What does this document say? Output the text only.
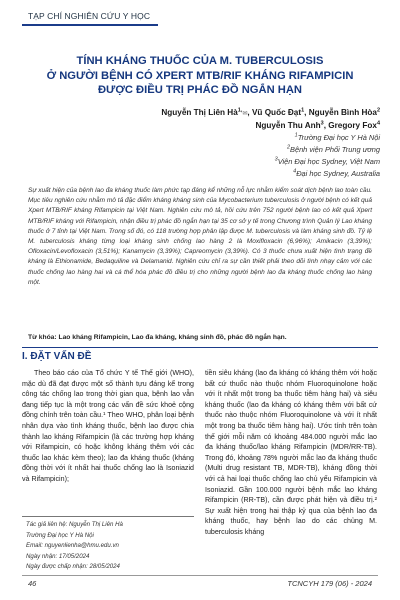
TẠP CHÍ NGHIÊN CỨU Y HỌC
TÍNH KHÁNG THUỐC CỦA M. TUBERCULOSIS
Ở NGƯỜI BỆNH CÓ XPERT MTB/RIF KHÁNG RIFAMPICIN
ĐƯỢC ĐIỀU TRỊ PHÁC ĐỒ NGẮN HẠN
Nguyễn Thị Liên $Hà^{1,}✉$, Vũ Quốc Đạt$^1$, Nguyễn Bình Hòa$^2$
Nguyễn Thu Anh$^3$, Gregory Fox$^4$
$^1$Trường Đại học Y Hà Nội
$^2$Bệnh viện Phổi Trung ương
$^3$Viện Đại học Sydney, Việt Nam
$^4$Đại học Sydney, Australia

Sự xuất hiện của bệnh lao đa kháng thuốc làm phức tạp đáng kể những nỗ lực nhằm kiểm soát dịch bệnh lao toàn cầu. Mục tiêu nghiên cứu nhằm mô tả đặc điểm kháng kháng sinh của Mycobacterium tuberculosis ở người bệnh có kết quả Xpert MTB/RIF kháng Rifampicin tại Việt Nam. Nghiên cứu mô tả, hồi cứu trên 752 người bệnh lao có kết quả Xpert MTB/RIF kháng với Rifampicin, nhận điều trị phác đồ ngắn hạn tại 35 cơ sở y tế trong Chương trình Quản lý Lao kháng thuốc ở 7 tỉnh tại Việt Nam. Trong số đó, có 118 trường hợp phân lập được M. tuberculosis và làm kháng sinh đồ. Tỷ lệ M. tuberculosis kháng từng loại kháng sinh chống lao hàng 2 là Moxifloxacin (6,96%); Amikacin (3,39%); Ofloxacin/Levofloxacin (3,51%); Kanamycin (3,39%); Capreomycin (3,39%). Có 3 thuốc chưa xuất hiện tình trạng đề kháng là Ethionamide, Bedaquiline và Delamanid. Nghiên cứu chỉ ra sự cần thiết phải theo dõi tình nhạy cảm với các thuốc chống lao hàng hai và cá thể hóa phác đồ điều trị cho những người bệnh lao đa kháng thuốc chống lao hàng một.

Từ khóa: Lao kháng Rifampicin, Lao đa kháng, kháng sinh đồ, phác đồ ngắn hạn.
I. ĐẶT VẤN ĐỀ

Theo báo cáo của Tổ chức Y tế Thế giới (WHO), mặc dù đã đạt được một số thành tựu đáng kể trong công tác chống lao trong thời gian qua, bệnh lao vẫn đang tiếp tục là một trong các vấn đề sức khoẻ cộng đồng chính trên toàn cầu.¹ Theo WHO, phân loại bệnh nhân dựa vào tình kháng thuốc, bệnh lao được chia thành lao kháng Rifampicin (là các trường hợp kháng với Rifampicin, có hoặc không kháng thêm với các thuốc lao khác kèm theo); lao đa kháng thuốc (kháng đồng thời với ít nhất hai thuốc chống lao là Isoniazid và Rifampicin);

tiền siêu kháng (lao đa kháng có kháng thêm với hoặc bất cứ thuốc nào thuộc nhóm Fluoroquinolone hoặc với ít nhất một trong ba thuốc tiêm hàng hai) và siêu kháng thuốc (lao đa kháng có kháng thêm với bất cứ thuốc nào thuộc nhóm Fluoroquinolone và với ít nhất một trong ba thuốc tiêm hàng hai). Ước tính trên toàn thế giới mỗi năm có khoảng 484.000 người mắc lao đa kháng thuốc/lao kháng Rifampicin (MDR/RR-TB). Trong đó, khoảng 78% người mắc lao đa kháng thuốc (Multi drug resistant TB, MDR-TB), kháng đồng thời với cả hai loại thuốc chống lao chủ yếu Rifampicin và Isoniazid. Gần 100.000 người bệnh mắc lao kháng Rifampicin (RR-TB), cần được phát hiện và điều trị.² Sự xuất hiện trong hai thập kỷ qua của bệnh lao đa kháng thuốc, hay bệnh lao do các chủng M. tuberculosis kháng

Tác giả liên hệ: Nguyễn Thị Liên Hà
Trường Đại học Y Hà Nội
Email: nguyenlienha@hmu.edu.vn
Ngày nhận: 17/05/2024
Ngày được chấp nhận: 28/05/2024
46	TCNCYH 179 (06) - 2024
